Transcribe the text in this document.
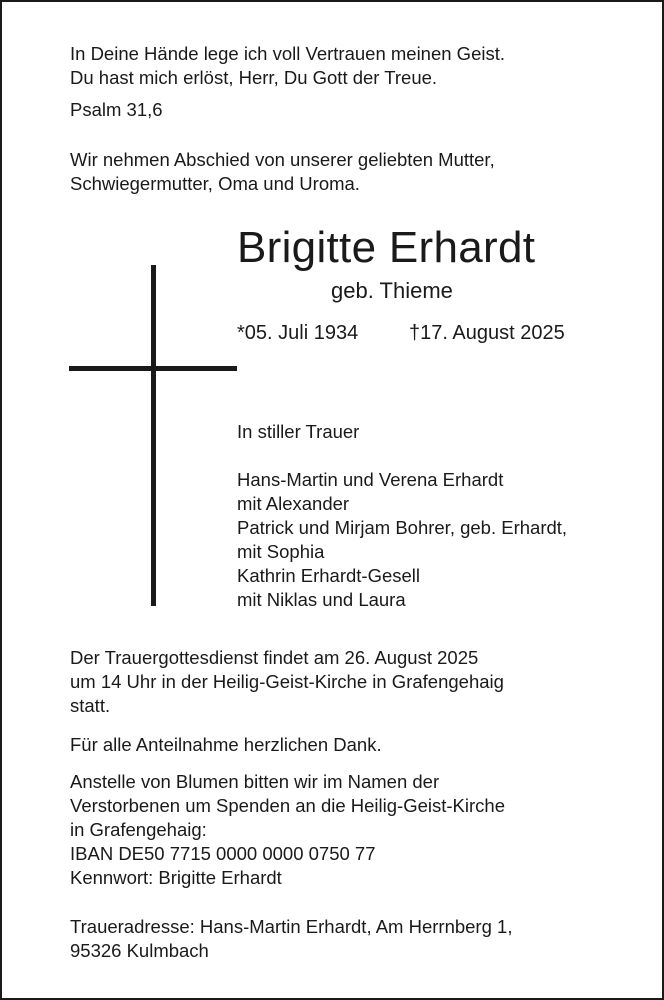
In Deine Hände lege ich voll Vertrauen meinen Geist.
Du hast mich erlöst, Herr, Du Gott der Treue.
Psalm 31,6
Wir nehmen Abschied von unserer geliebten Mutter,
Schwiegermutter, Oma und Uroma.
Brigitte Erhardt
geb. Thieme
*05. Juli 1934	†17. August 2025
In stiller Trauer
Hans-Martin und Verena Erhardt
mit Alexander
Patrick und Mirjam Bohrer, geb. Erhardt,
mit Sophia
Kathrin Erhardt-Gesell
mit Niklas und Laura
Der Trauergottesdienst findet am 26. August 2025
um 14 Uhr in der Heilig-Geist-Kirche in Grafengehaig
statt.
Für alle Anteilnahme herzlichen Dank.
Anstelle von Blumen bitten wir im Namen der
Verstorbenen um Spenden an die Heilig-Geist-Kirche
in Grafengehaig:
IBAN DE50 7715 0000 0000 0750 77
Kennwort: Brigitte Erhardt
Traueradresse: Hans-Martin Erhardt, Am Herrnberg 1,
95326 Kulmbach
